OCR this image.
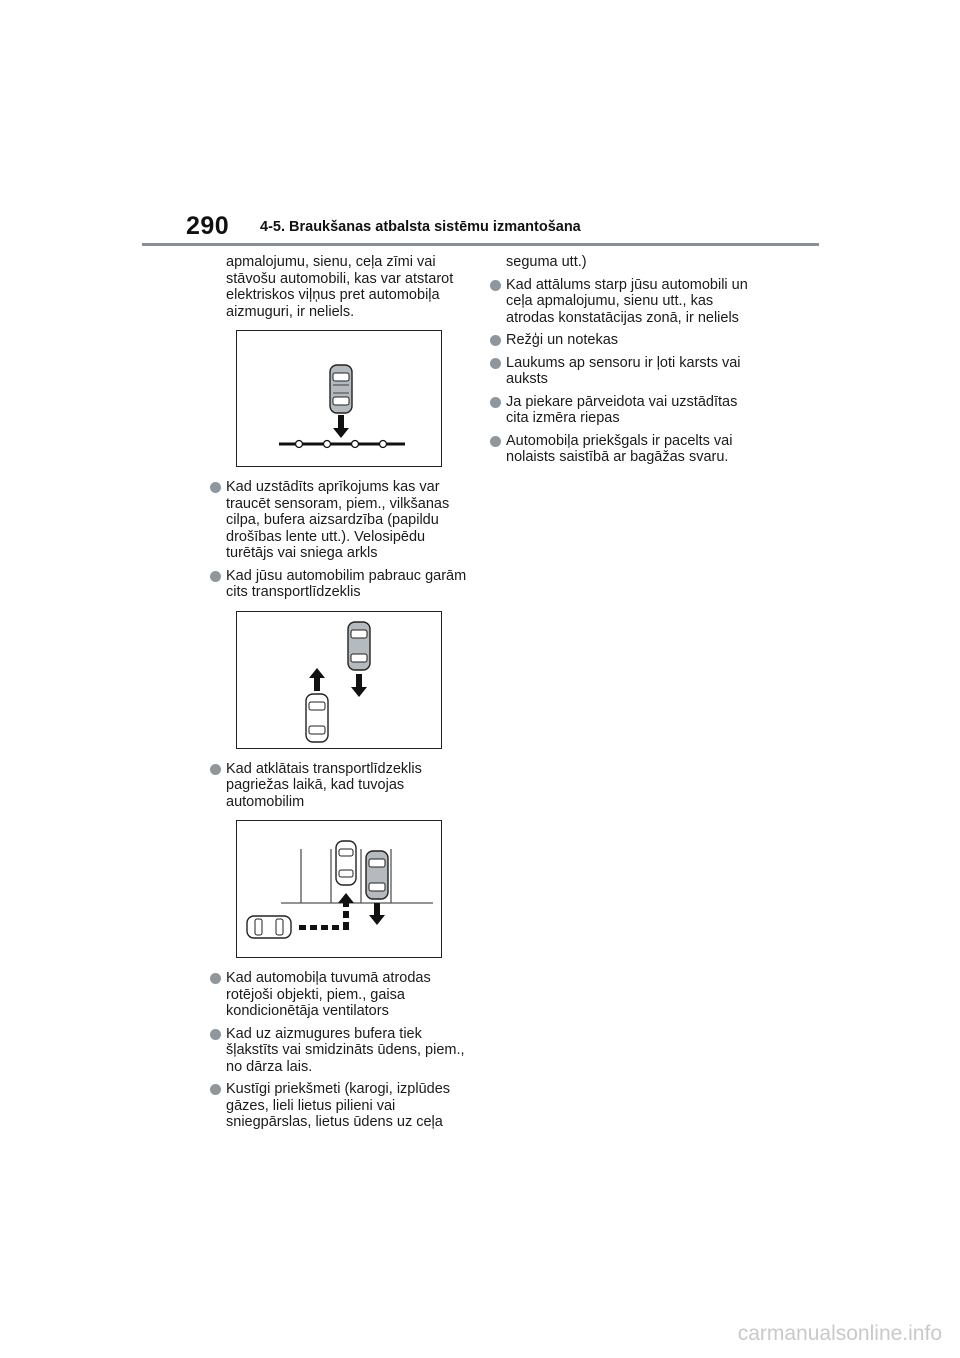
290 4-5. Braukšanas atbalsta sistēmu izmantošana

apmalojumu, sienu, ceļa zīmi vai
stāvošu automobili, kas var atstarot
elektriskos viļņus pret automobiļa
aizmuguri, ir neliels.

Kad uzstādīts aprīkojums kas var
traucēt sensoram, piem., vilkšanas
cilpa, bufera aizsardzība (papildu
drošības lente utt.). Velosipēdu
turētājs vai sniega arkls

Kad jūsu automobilim pabrauc garām
cits transportlīdzeklis

Kad atklātais transportlīdzeklis
pagriežas laikā, kad tuvojas
automobilim

Kad automobiļa tuvumā atrodas
rotējoši objekti, piem., gaisa
kondicionētāja ventilators

Kad uz aizmugures bufera tiek
šļakstīts vai smidzināts ūdens, piem.,
no dārza lais.

Kustīgi priekšmeti (karogi, izplūdes
gāzes, lieli lietus pilieni vai
sniegpārslas, lietus ūdens uz ceļa

seguma utt.)

Kad attālums starp jūsu automobili un
ceļa apmalojumu, sienu utt., kas
atrodas konstatācijas zonā, ir neliels

Režģi un notekas

Laukums ap sensoru ir ļoti karsts vai
auksts

Ja piekare pārveidota vai uzstādītas
cita izmēra riepas

Automobiļa priekšgals ir pacelts vai
nolaists saistībā ar bagāžas svaru.

carmanualsonline.info
